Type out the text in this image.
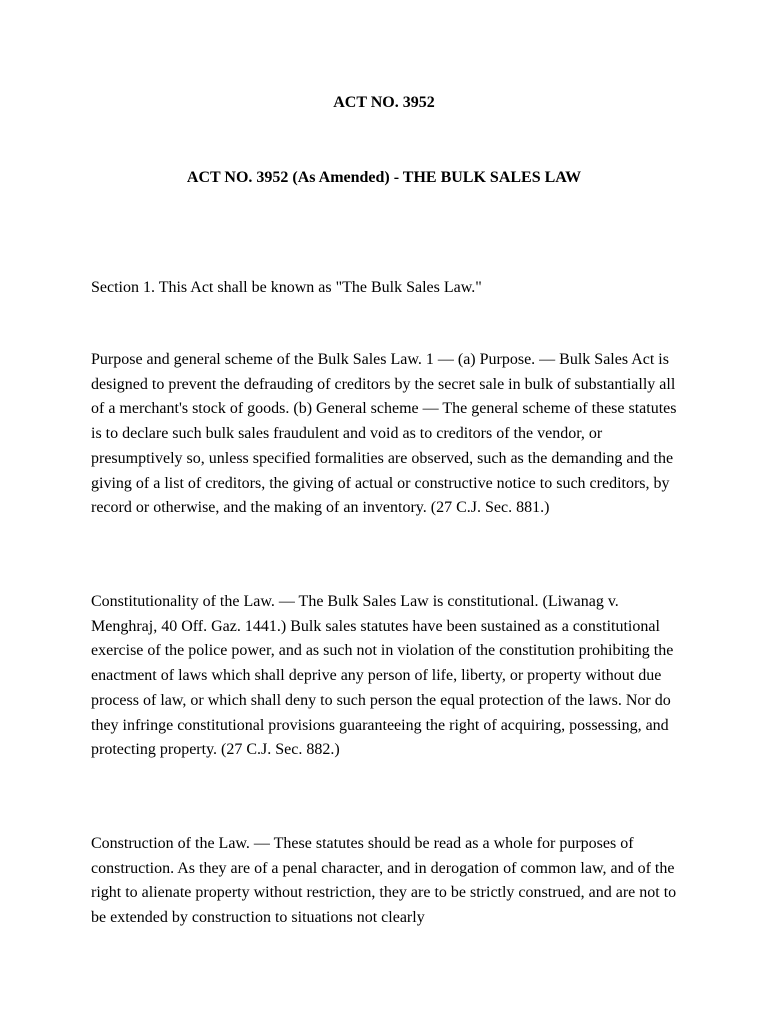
ACT NO. 3952
ACT NO. 3952 (As Amended) - THE BULK SALES LAW

Section 1. This Act shall be known as "The Bulk Sales Law."

Purpose and general scheme of the Bulk Sales Law. 1 — (a) Purpose. — Bulk Sales Act is designed to prevent the defrauding of creditors by the secret sale in bulk of substantially all of a merchant's stock of goods. (b) General scheme — The general scheme of these statutes is to declare such bulk sales fraudulent and void as to creditors of the vendor, or presumptively so, unless specified formalities are observed, such as the demanding and the giving of a list of creditors, the giving of actual or constructive notice to such creditors, by record or otherwise, and the making of an inventory. (27 C.J. Sec. 881.)

Constitutionality of the Law. — The Bulk Sales Law is constitutional. (Liwanag v. Menghraj, 40 Off. Gaz. 1441.) Bulk sales statutes have been sustained as a constitutional exercise of the police power, and as such not in violation of the constitution prohibiting the enactment of laws which shall deprive any person of life, liberty, or property without due process of law, or which shall deny to such person the equal protection of the laws. Nor do they infringe constitutional provisions guaranteeing the right of acquiring, possessing, and protecting property. (27 C.J. Sec. 882.)

Construction of the Law. — These statutes should be read as a whole for purposes of construction. As they are of a penal character, and in derogation of common law, and of the right to alienate property without restriction, they are to be strictly construed, and are not to be extended by construction to situations not clearly
